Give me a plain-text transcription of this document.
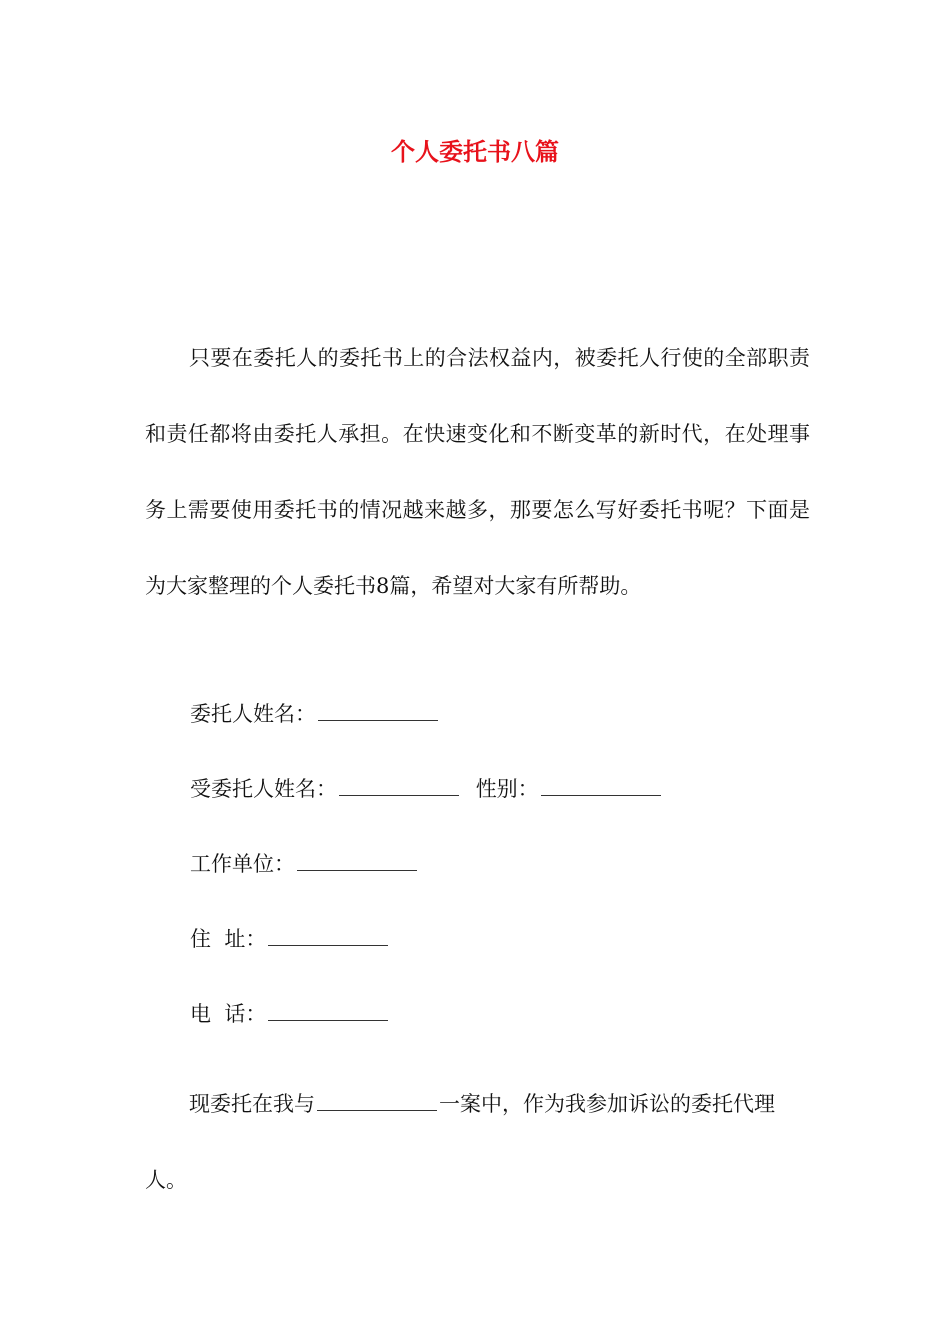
个人委托书八篇

只要在委托人的委托书上的合法权益内，被委托人行使的全部职责和责任都将由委托人承担。在快速变化和不断变革的新时代，在处理事务上需要使用委托书的情况越来越多，那要怎么写好委托书呢？下面是为大家整理的个人委托书8篇，希望对大家有所帮助。

委托人姓名：
受委托人姓名：	性别：
工作单位：
住  址：
电  话：

现委托在我与	一案中，作为我参加诉讼的委托代理人。
